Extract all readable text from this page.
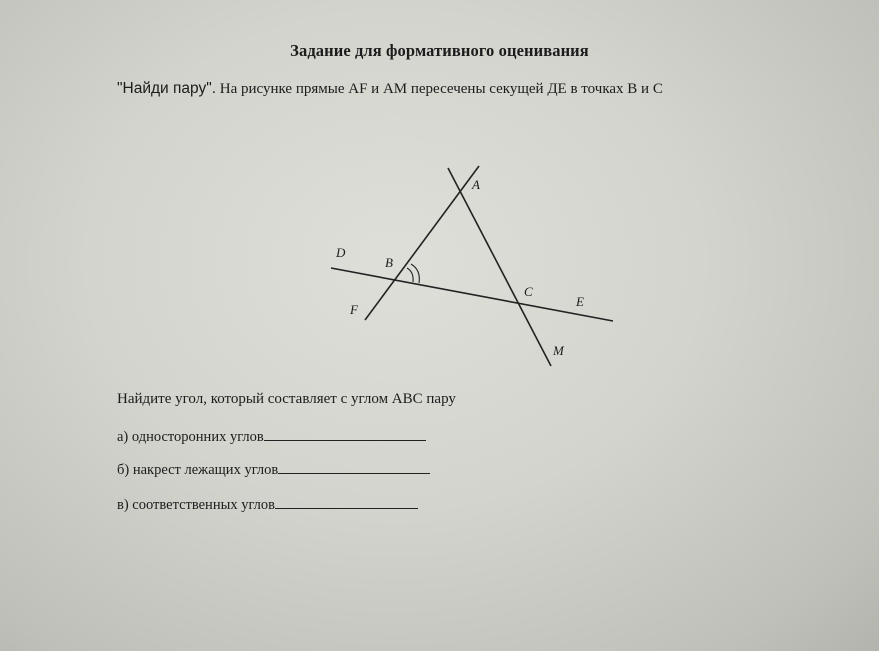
Задание для формативного оценивания
"Найди пару". На рисунке прямые AF и AM пересечены секущей ДE в точках B и C
A
D
B
F
C
E
M
Найдите угол, который составляет с углом ABC пару
а) односторонних углов
б) накрест лежащих углов
в) соответственных углов
